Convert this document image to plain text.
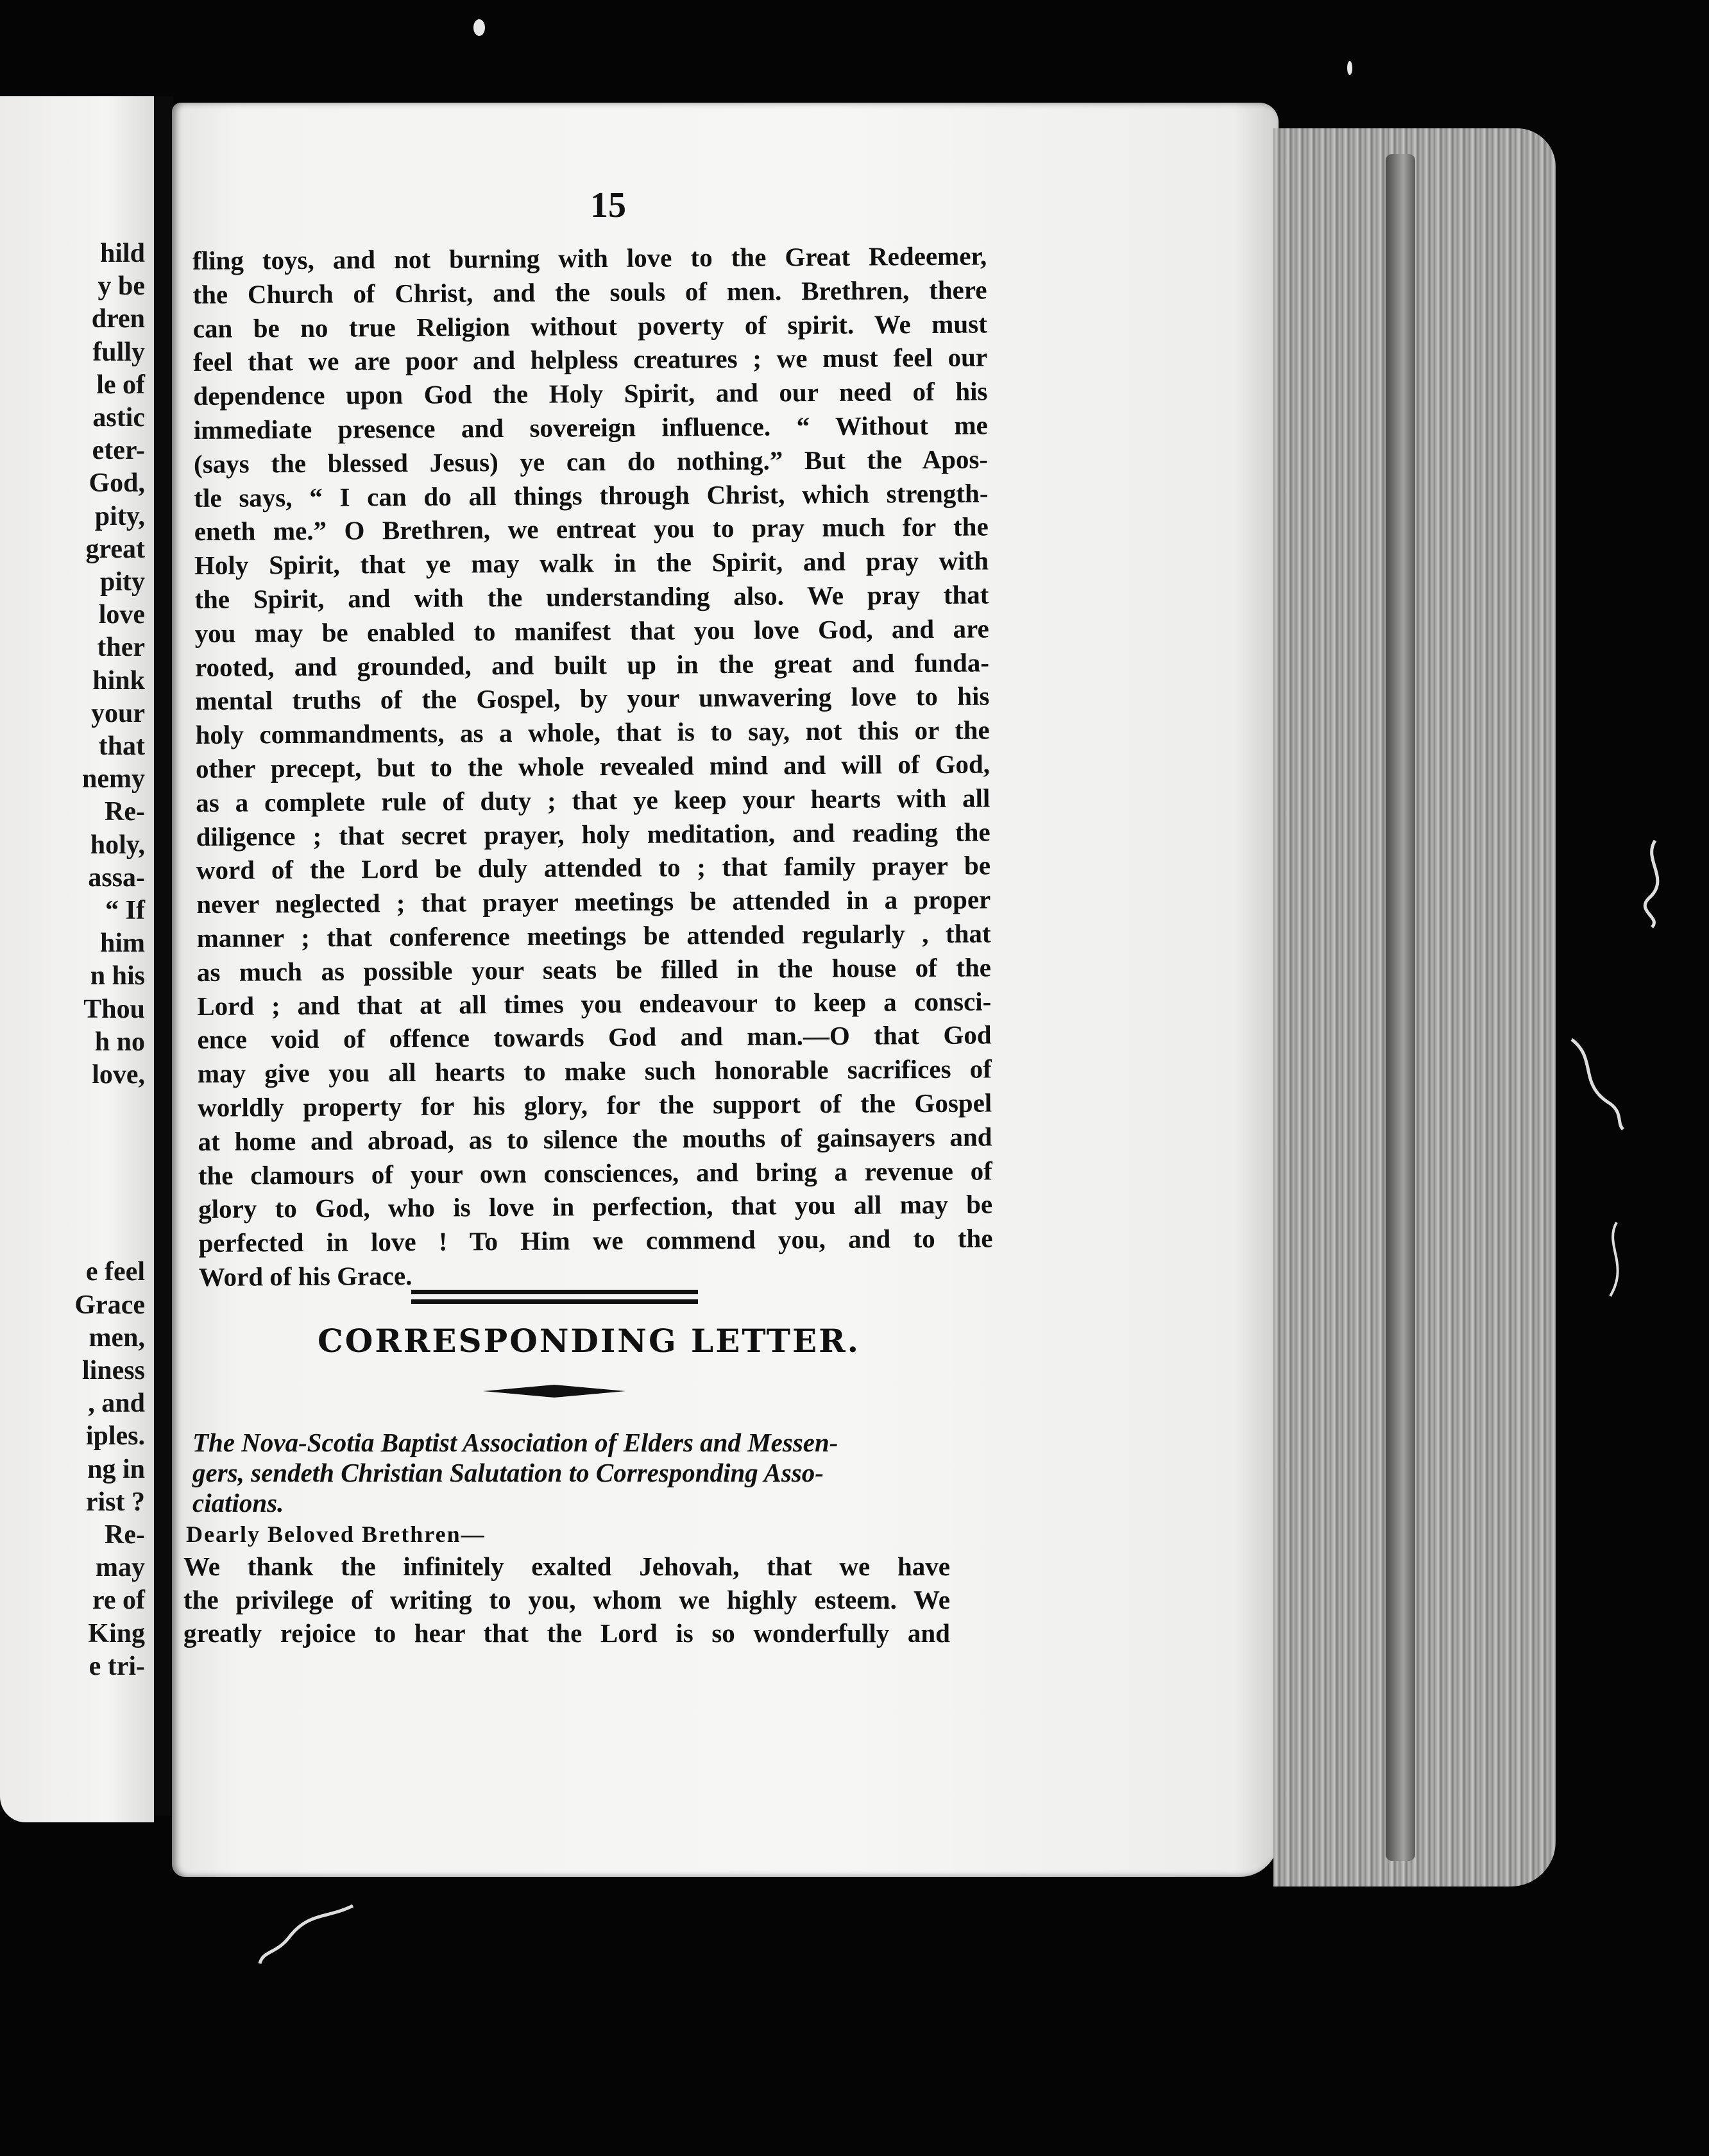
hild
y be
dren
fully
le of
astic
eter-
God,
pity,
great
pity
love
ther
hink
your
that
nemy
Re-
holy,
assa-
“ If
him
n his
Thou
h no
love,

e feel
Grace
men,
liness
, and
iples.
ng in
rist ?
Re-
may
re of
King
e tri-
15
fling toys, and not burning with love to the Great Redeemer,
the Church of Christ, and the souls of men. Brethren, there
can be no true Religion without poverty of spirit. We must
feel that we are poor and helpless creatures ; we must feel our
dependence upon God the Holy Spirit, and our need of his
immediate presence and sovereign influence. “ Without me
(says the blessed Jesus) ye can do nothing.” But the Apos-
tle says, “ I can do all things through Christ, which strength-
eneth me.” O Brethren, we entreat you to pray much for the
Holy Spirit, that ye may walk in the Spirit, and pray with
the Spirit, and with the understanding also. We pray that
you may be enabled to manifest that you love God, and are
rooted, and grounded, and built up in the great and funda-
mental truths of the Gospel, by your unwavering love to his
holy commandments, as a whole, that is to say, not this or the
other precept, but to the whole revealed mind and will of God,
as a complete rule of duty ; that ye keep your hearts with all
diligence ; that secret prayer, holy meditation, and reading the
word of the Lord be duly attended to ; that family prayer be
never neglected ; that prayer meetings be attended in a proper
manner ; that conference meetings be attended regularly , that
as much as possible your seats be filled in the house of the
Lord ; and that at all times you endeavour to keep a consci-
ence void of offence towards God and man.—O that God
may give you all hearts to make such honorable sacrifices of
worldly property for his glory, for the support of the Gospel
at home and abroad, as to silence the mouths of gainsayers and
the clamours of your own consciences, and bring a revenue of
glory to God, who is love in perfection, that you all may be
perfected in love ! To Him we commend you, and to the
Word of his Grace.
CORRESPONDING LETTER.
The Nova-Scotia Baptist Association of Elders and Messen-
gers, sendeth Christian Salutation to Corresponding Asso-
ciations.
Dearly Beloved Brethren—
We thank the infinitely exalted Jehovah, that we have
the privilege of writing to you, whom we highly esteem. We
greatly rejoice to hear that the Lord is so wonderfully and
